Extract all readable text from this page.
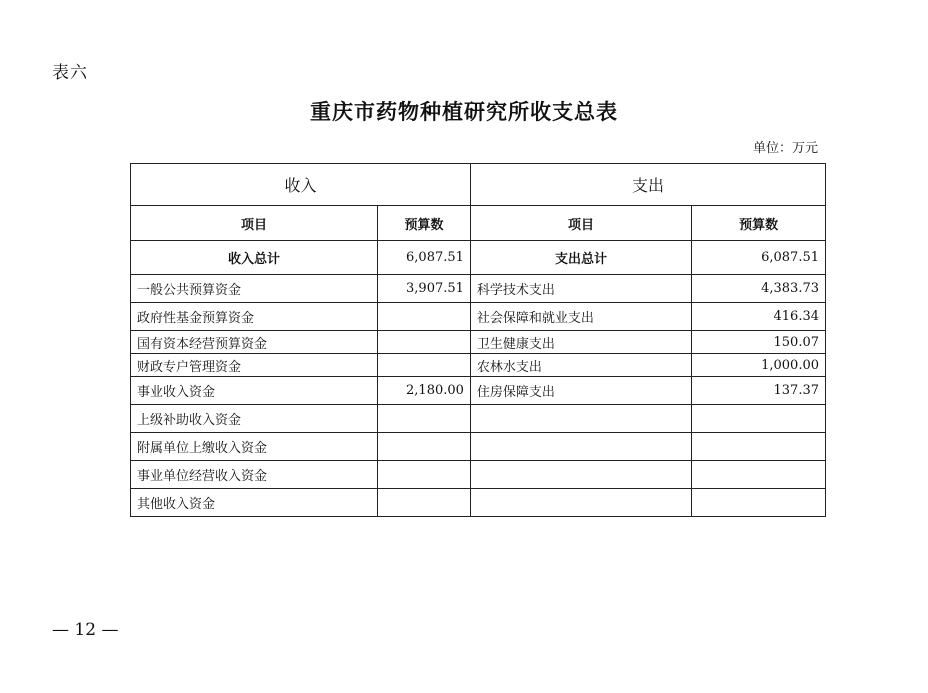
表六
重庆市药物种植研究所收支总表
单位：万元
收入		支出	
项目	预算数	项目	预算数
收入总计	6,087.51	支出总计	6,087.51
一般公共预算资金	3,907.51	科学技术支出	4,383.73
政府性基金预算资金		社会保障和就业支出	416.34
国有资本经营预算资金		卫生健康支出	150.07
财政专户管理资金		农林水支出	1,000.00
事业收入资金	2,180.00	住房保障支出	137.37
上级补助收入资金			
附属单位上缴收入资金			
事业单位经营收入资金			
其他收入资金			
— 12 —
